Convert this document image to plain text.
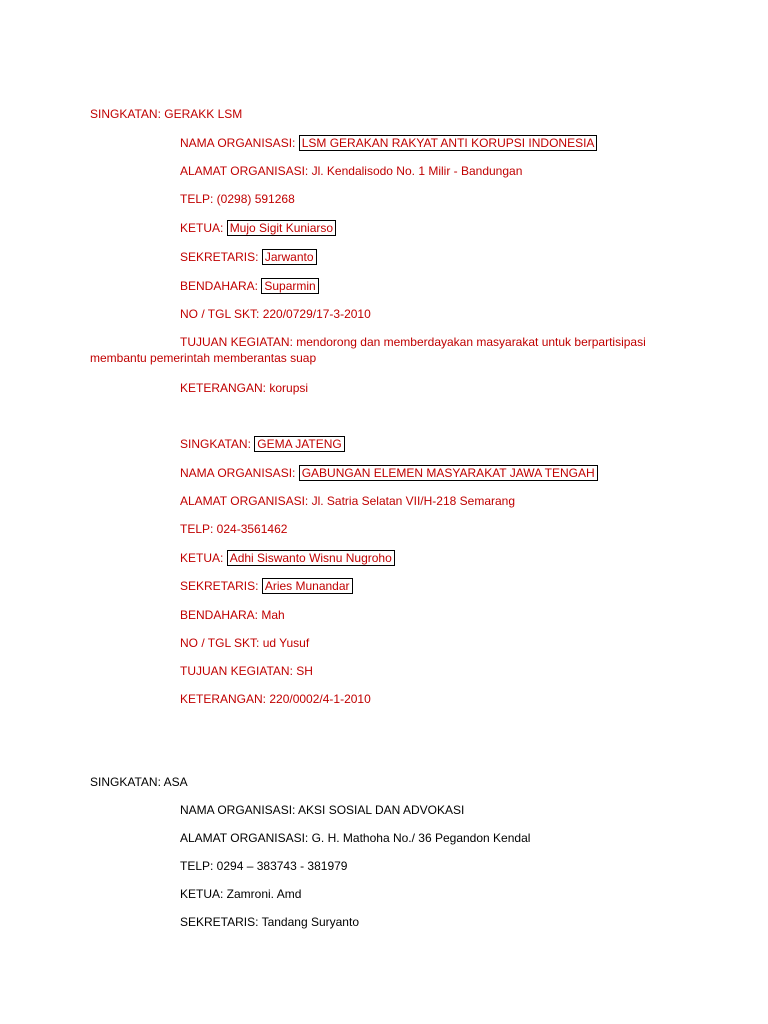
SINGKATAN: GERAKK LSM
NAMA ORGANISASI: LSM GERAKAN RAKYAT ANTI KORUPSI INDONESIA
ALAMAT ORGANISASI: Jl. Kendalisodo No. 1 Milir - Bandungan
TELP: (0298) 591268
KETUA: Mujo Sigit Kuniarso
SEKRETARIS: Jarwanto
BENDAHARA: Suparmin
NO / TGL SKT: 220/0729/17-3-2010
TUJUAN KEGIATAN: mendorong dan memberdayakan masyarakat untuk berpartisipasi membantu pemerintah memberantas suap
KETERANGAN: korupsi
SINGKATAN: GEMA JATENG
NAMA ORGANISASI: GABUNGAN ELEMEN MASYARAKAT JAWA TENGAH
ALAMAT ORGANISASI: Jl. Satria Selatan VII/H-218 Semarang
TELP: 024-3561462
KETUA: Adhi Siswanto Wisnu Nugroho
SEKRETARIS: Aries Munandar
BENDAHARA: Mah
NO / TGL SKT: ud Yusuf
TUJUAN KEGIATAN: SH
KETERANGAN: 220/0002/4-1-2010
SINGKATAN: ASA
NAMA ORGANISASI: AKSI SOSIAL DAN ADVOKASI
ALAMAT ORGANISASI: G. H. Mathoha No./ 36 Pegandon Kendal
TELP: 0294 – 383743 - 381979
KETUA: Zamroni. Amd
SEKRETARIS: Tandang Suryanto
